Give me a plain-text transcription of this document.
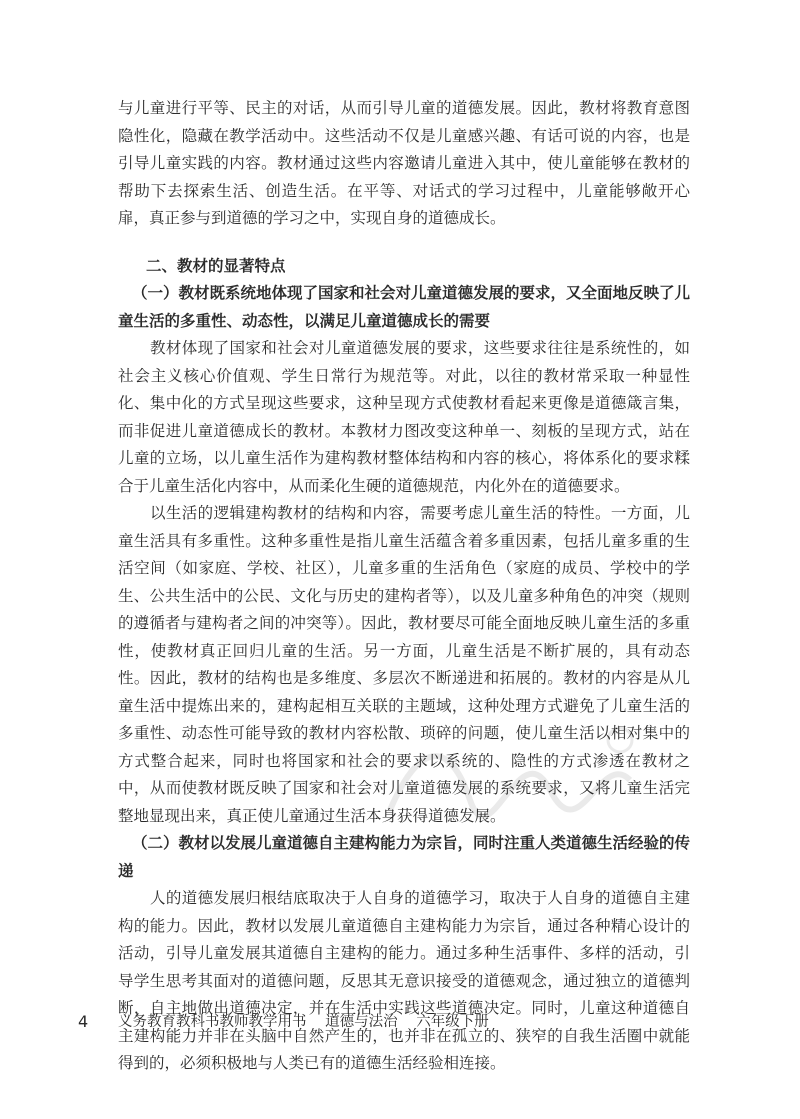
与儿童进行平等、民主的对话，从而引导儿童的道德发展。因此，教材将教育意图隐性化，隐藏在教学活动中。这些活动不仅是儿童感兴趣、有话可说的内容，也是引导儿童实践的内容。教材通过这些内容邀请儿童进入其中，使儿童能够在教材的帮助下去探索生活、创造生活。在平等、对话式的学习过程中，儿童能够敞开心扉，真正参与到道德的学习之中，实现自身的道德成长。

二、教材的显著特点

（一）教材既系统地体现了国家和社会对儿童道德发展的要求，又全面地反映了儿童生活的多重性、动态性，以满足儿童道德成长的需要

教材体现了国家和社会对儿童道德发展的要求，这些要求往往是系统性的，如社会主义核心价值观、学生日常行为规范等。对此，以往的教材常采取一种显性化、集中化的方式呈现这些要求，这种呈现方式使教材看起来更像是道德箴言集，而非促进儿童道德成长的教材。本教材力图改变这种单一、刻板的呈现方式，站在儿童的立场，以儿童生活作为建构教材整体结构和内容的核心，将体系化的要求糅合于儿童生活化内容中，从而柔化生硬的道德规范，内化外在的道德要求。

以生活的逻辑建构教材的结构和内容，需要考虑儿童生活的特性。一方面，儿童生活具有多重性。这种多重性是指儿童生活蕴含着多重因素，包括儿童多重的生活空间（如家庭、学校、社区），儿童多重的生活角色（家庭的成员、学校中的学生、公共生活中的公民、文化与历史的建构者等），以及儿童多种角色的冲突（规则的遵循者与建构者之间的冲突等）。因此，教材要尽可能全面地反映儿童生活的多重性，使教材真正回归儿童的生活。另一方面，儿童生活是不断扩展的，具有动态性。因此，教材的结构也是多维度、多层次不断递进和拓展的。教材的内容是从儿童生活中提炼出来的，建构起相互关联的主题域，这种处理方式避免了儿童生活的多重性、动态性可能导致的教材内容松散、琐碎的问题，使儿童生活以相对集中的方式整合起来，同时也将国家和社会的要求以系统的、隐性的方式渗透在教材之中，从而使教材既反映了国家和社会对儿童道德发展的系统要求，又将儿童生活完整地显现出来，真正使儿童通过生活本身获得道德发展。

（二）教材以发展儿童道德自主建构能力为宗旨，同时注重人类道德生活经验的传递

人的道德发展归根结底取决于人自身的道德学习，取决于人自身的道德自主建构的能力。因此，教材以发展儿童道德自主建构能力为宗旨，通过各种精心设计的活动，引导儿童发展其道德自主建构的能力。通过多种生活事件、多样的活动，引导学生思考其面对的道德问题，反思其无意识接受的道德观念，通过独立的道德判断，自主地做出道德决定，并在生活中实践这些道德决定。同时，儿童这种道德自主建构能力并非在头脑中自然产生的，也并非在孤立的、狭窄的自我生活圈中就能得到的，必须积极地与人类已有的道德生活经验相连接。

4 义务教育教科书教师教学用书 道德与法治 六年级下册
